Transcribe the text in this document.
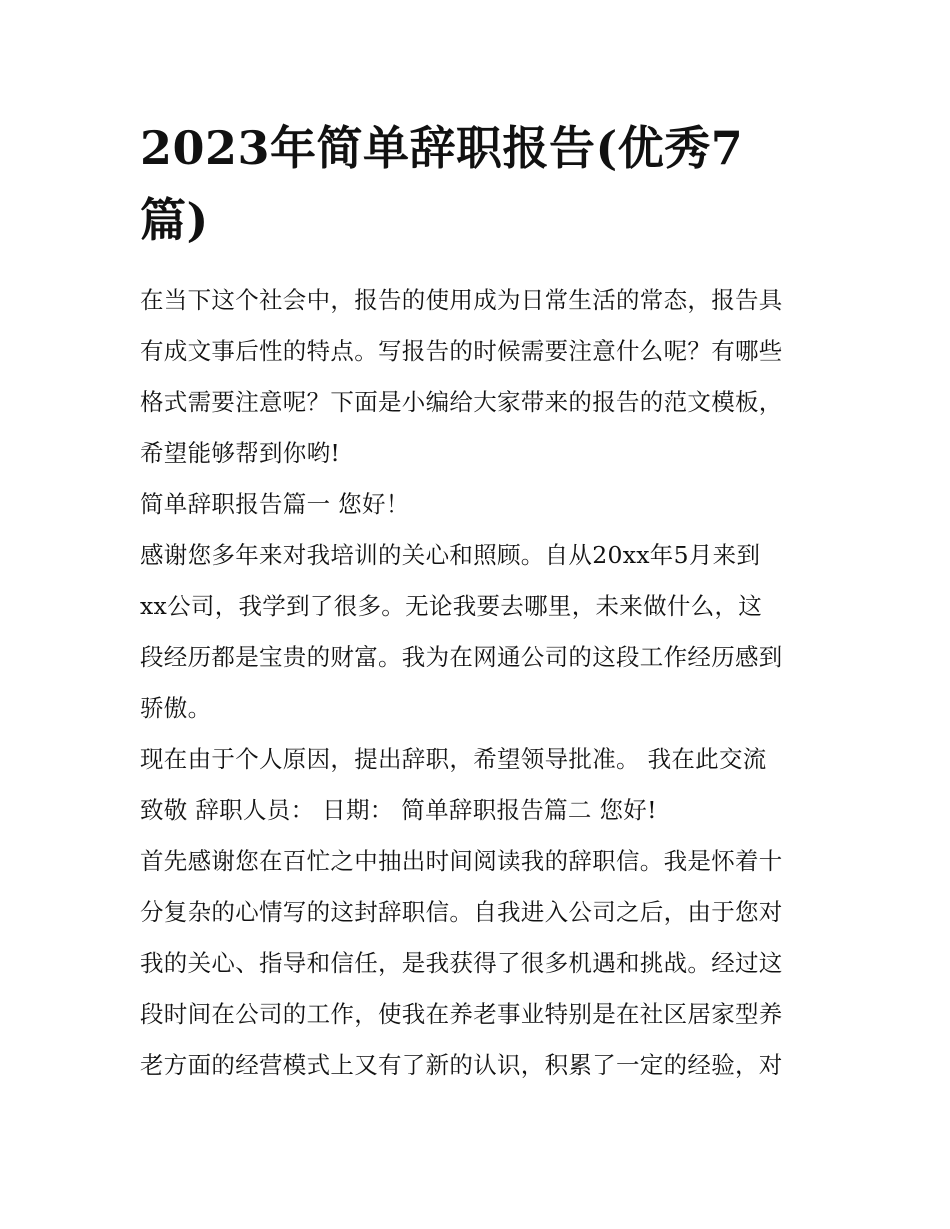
2023年简单辞职报告(优秀7篇)

在当下这个社会中，报告的使用成为日常生活的常态，报告具

有成文事后性的特点。写报告的时候需要注意什么呢？有哪些

格式需要注意呢？下面是小编给大家带来的报告的范文模板，

希望能够帮到你哟!

简单辞职报告篇一 您好！

感谢您多年来对我培训的关心和照顾。自从20xx年5月来到

xx公司，我学到了很多。无论我要去哪里，未来做什么，这

段经历都是宝贵的财富。我为在网通公司的这段工作经历感到

骄傲。

现在由于个人原因，提出辞职，希望领导批准。 我在此交流

致敬 辞职人员： 日期： 简单辞职报告篇二 您好!

首先感谢您在百忙之中抽出时间阅读我的辞职信。我是怀着十

分复杂的心情写的这封辞职信。自我进入公司之后，由于您对

我的关心、指导和信任，是我获得了很多机遇和挑战。经过这

段时间在公司的工作，使我在养老事业特别是在社区居家型养

老方面的经营模式上又有了新的认识，积累了一定的经验，对
